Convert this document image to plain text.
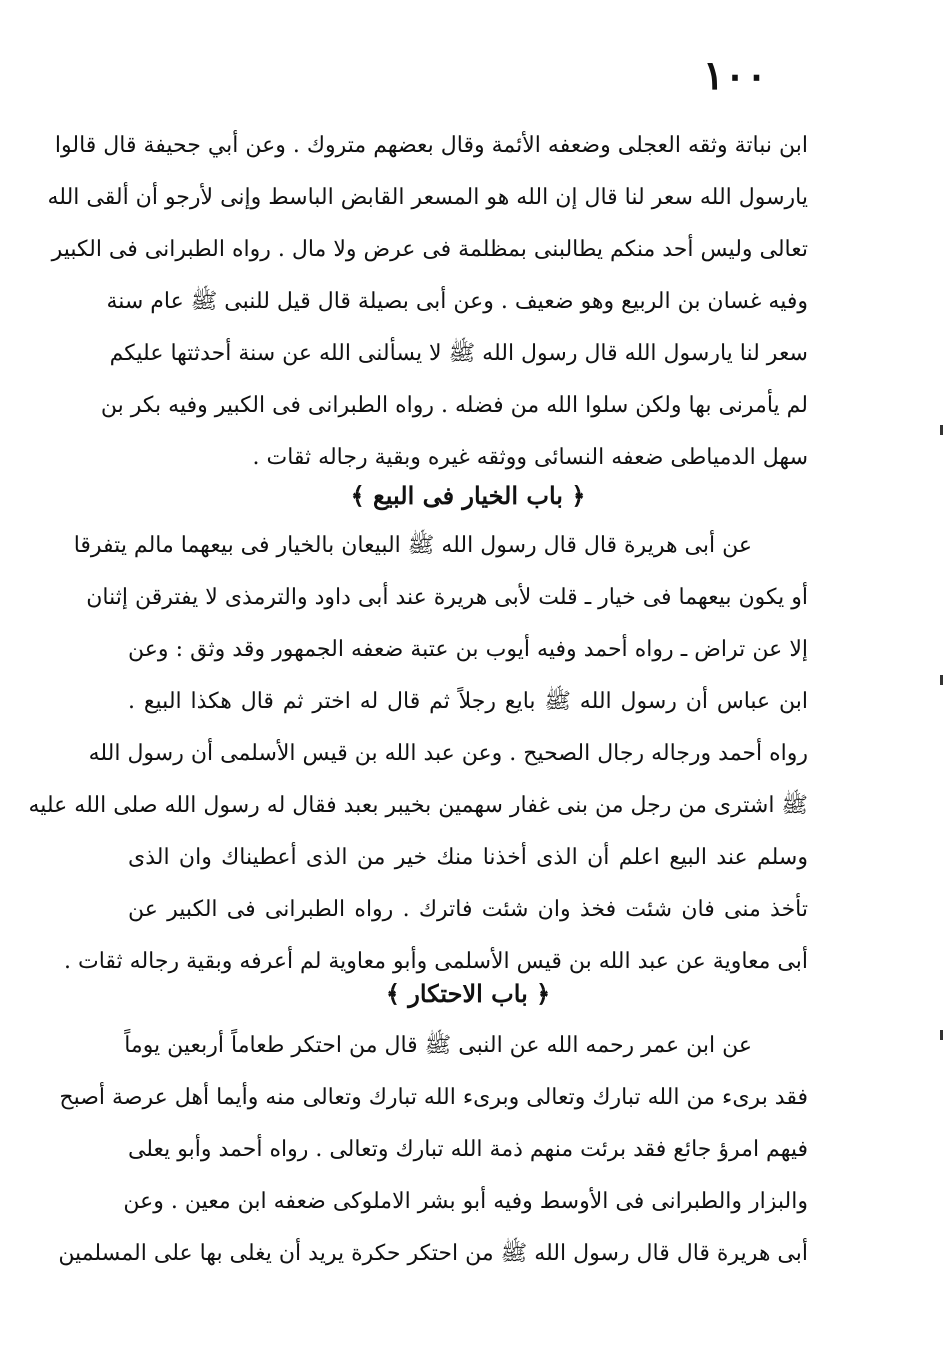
١٠٠
ابن نباتة وثقه العجلى وضعفه الأئمة وقال بعضهم متروك . وعن أبي جحيفة قال قالوا
يارسول الله سعر لنا قال إن الله هو المسعر القابض الباسط وإنى لأرجو أن ألقى الله
تعالى وليس أحد منكم يطالبنى بمظلمة فى عرض ولا مال . رواه الطبرانى فى الكبير
وفيه غسان بن الربيع وهو ضعيف . وعن أبى بصيلة قال قيل للنبى ﷺ عام سنة
سعر لنا يارسول الله قال رسول الله ﷺ لا يسألنى الله عن سنة أحدثتها عليكم
لم يأمرنى بها ولكن سلوا الله من فضله . رواه الطبرانى فى الكبير وفيه بكر بن
سهل الدمياطى ضعفه النسائى ووثقه غيره وبقية رجاله ثقات .
﴿ باب الخيار فى البيع ﴾
عن أبى هريرة قال قال رسول الله ﷺ البيعان بالخيار فى بيعهما مالم يتفرقا
أو يكون بيعهما فى خيار ـ قلت لأبى هريرة عند أبى داود والترمذى لا يفترقن إثنان
إلا عن تراض ـ رواه أحمد وفيه أيوب بن عتبة ضعفه الجمهور وقد وثق : وعن
ابن عباس أن رسول الله ﷺ بايع رجلاً ثم قال له اختر ثم قال هكذا البيع .
رواه أحمد ورجاله رجال الصحيح . وعن عبد الله بن قيس الأسلمى أن رسول الله
ﷺ اشترى من رجل من بنى غفار سهمين بخيبر بعبد فقال له رسول الله صلى الله عليه
وسلم عند البيع اعلم أن الذى أخذنا منك خير من الذى أعطيناك وان الذى
تأخذ منى فان شئت فخذ وان شئت فاترك . رواه الطبرانى فى الكبير عن
أبى معاوية عن عبد الله بن قيس الأسلمى وأبو معاوية لم أعرفه وبقية رجاله ثقات .
﴿ باب الاحتكار ﴾
عن ابن عمر رحمه الله عن النبى ﷺ قال من احتكر طعاماً أربعين يوماً
فقد برىء من الله تبارك وتعالى وبرىء الله تبارك وتعالى منه وأيما أهل عرصة أصبح
فيهم امرؤ جائع فقد برئت منهم ذمة الله تبارك وتعالى . رواه أحمد وأبو يعلى
والبزار والطبرانى فى الأوسط وفيه أبو بشر الاملوكى ضعفه ابن معين . وعن
أبى هريرة قال قال رسول الله ﷺ من احتكر حكرة يريد أن يغلى بها على المسلمين
